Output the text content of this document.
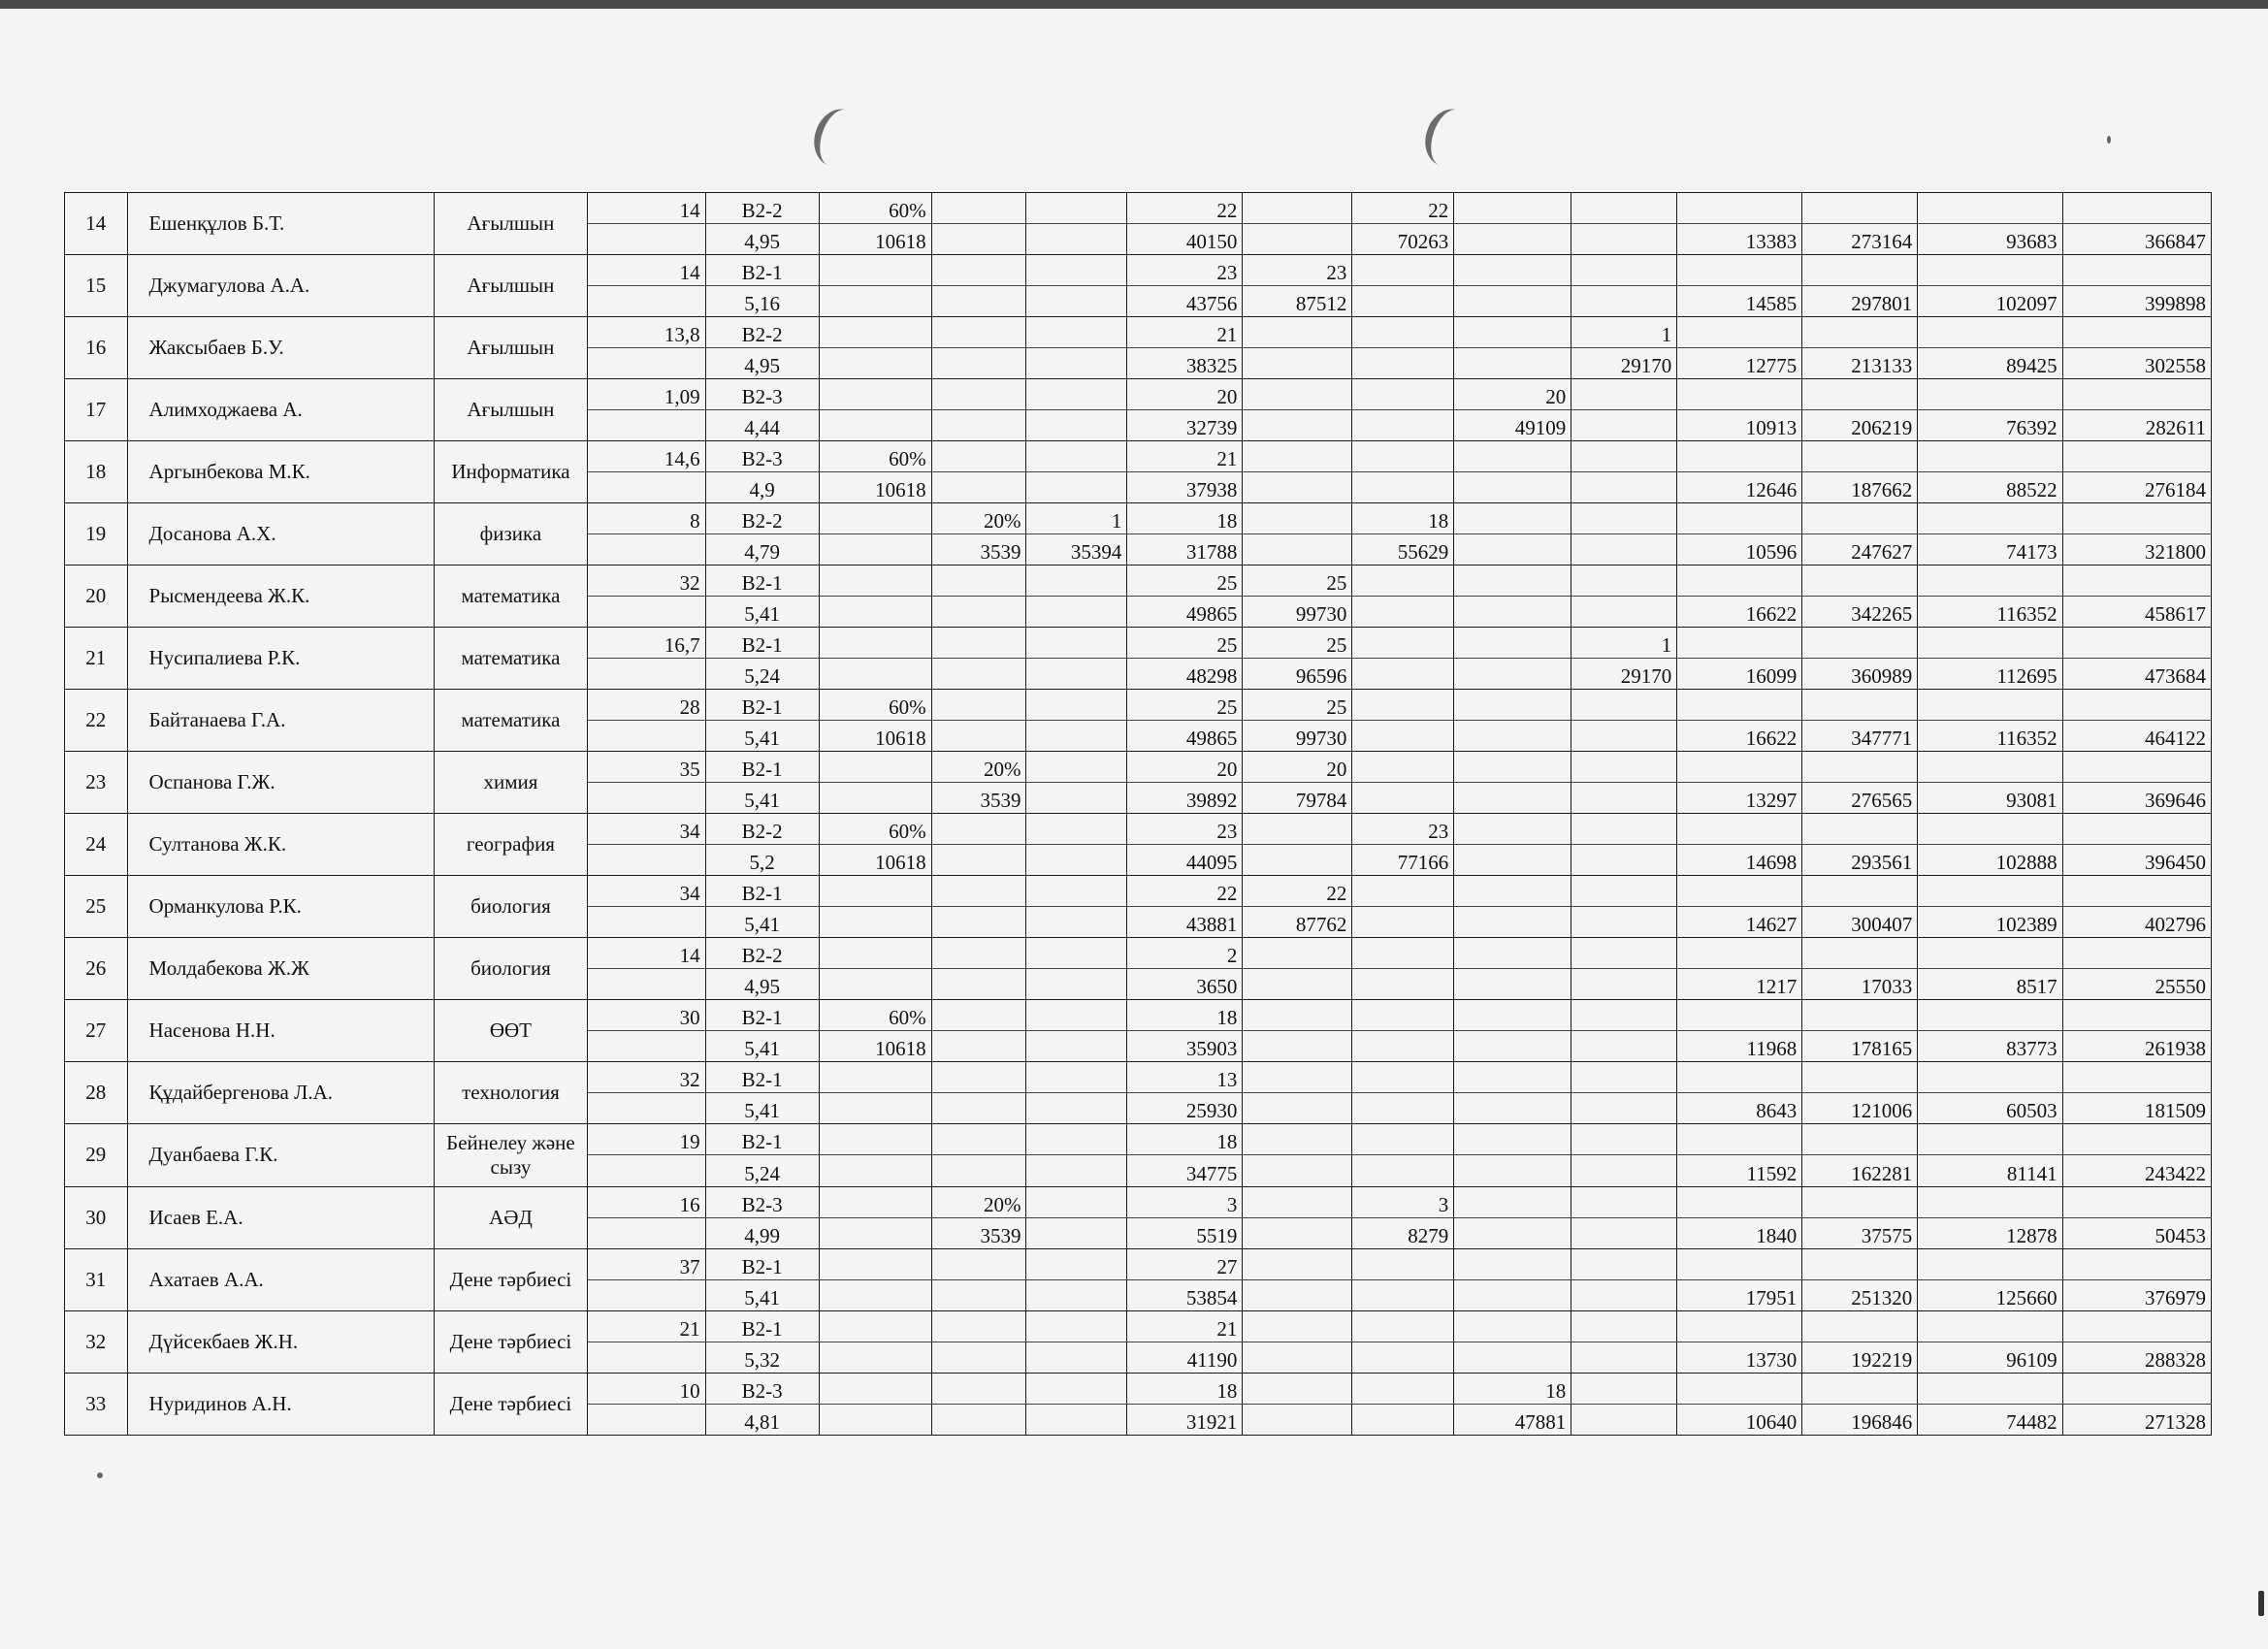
14	Ешенқұлов Б.Т.	Ағылшын	14	B2-2	60%			22		22						
				4,95	10618			40150		70263			13383	273164	93683	366847
15	Джумагулова А.А.	Ағылшын	14	B2-1				23	23							
				5,16				43756	87512				14585	297801	102097	399898
16	Жаксыбаев Б.У.	Ағылшын	13,8	B2-2				21				1				
				4,95				38325				29170	12775	213133	89425	302558
17	Алимходжаева А.	Ағылшын	1,09	B2-3				20			20					
				4,44				32739			49109		10913	206219	76392	282611
18	Аргынбекова М.К.	Информатика	14,6	B2-3	60%			21								
				4,9	10618			37938					12646	187662	88522	276184
19	Досанова А.Х.	физика	8	B2-2		20%	1	18		18						
				4,79		3539	35394	31788		55629			10596	247627	74173	321800
20	Рысмендеева Ж.К.	математика	32	B2-1				25	25							
				5,41				49865	99730				16622	342265	116352	458617
21	Нусипалиева Р.К.	математика	16,7	B2-1				25	25			1				
				5,24				48298	96596			29170	16099	360989	112695	473684
22	Байтанаева Г.А.	математика	28	B2-1	60%			25	25							
				5,41	10618			49865	99730				16622	347771	116352	464122
23	Оспанова Г.Ж.	химия	35	B2-1		20%		20	20							
				5,41		3539		39892	79784				13297	276565	93081	369646
24	Султанова Ж.К.	география	34	B2-2	60%			23		23						
				5,2	10618			44095		77166			14698	293561	102888	396450
25	Орманкулова Р.К.	биология	34	B2-1				22	22							
				5,41				43881	87762				14627	300407	102389	402796
26	Молдабекова Ж.Ж	биология	14	B2-2				2								
				4,95				3650					1217	17033	8517	25550
27	Насенова Н.Н.	ӨӨТ	30	B2-1	60%			18								
				5,41	10618			35903					11968	178165	83773	261938
28	Құдайбергенова Л.А.	технология	32	B2-1				13								
				5,41				25930					8643	121006	60503	181509
29	Дуанбаева Г.К.	Бейнелеу және сызу	19	B2-1				18								
				5,24				34775					11592	162281	81141	243422
30	Исаев Е.А.	АӘД	16	B2-3		20%		3		3						
				4,99		3539		5519		8279			1840	37575	12878	50453
31	Ахатаев А.А.	Дене тәрбиесі	37	B2-1				27								
				5,41				53854					17951	251320	125660	376979
32	Дүйсекбаев Ж.Н.	Дене тәрбиесі	21	B2-1				21								
				5,32				41190					13730	192219	96109	288328
33	Нуридинов А.Н.	Дене тәрбиесі	10	B2-3				18			18					
				4,81				31921			47881		10640	196846	74482	271328
